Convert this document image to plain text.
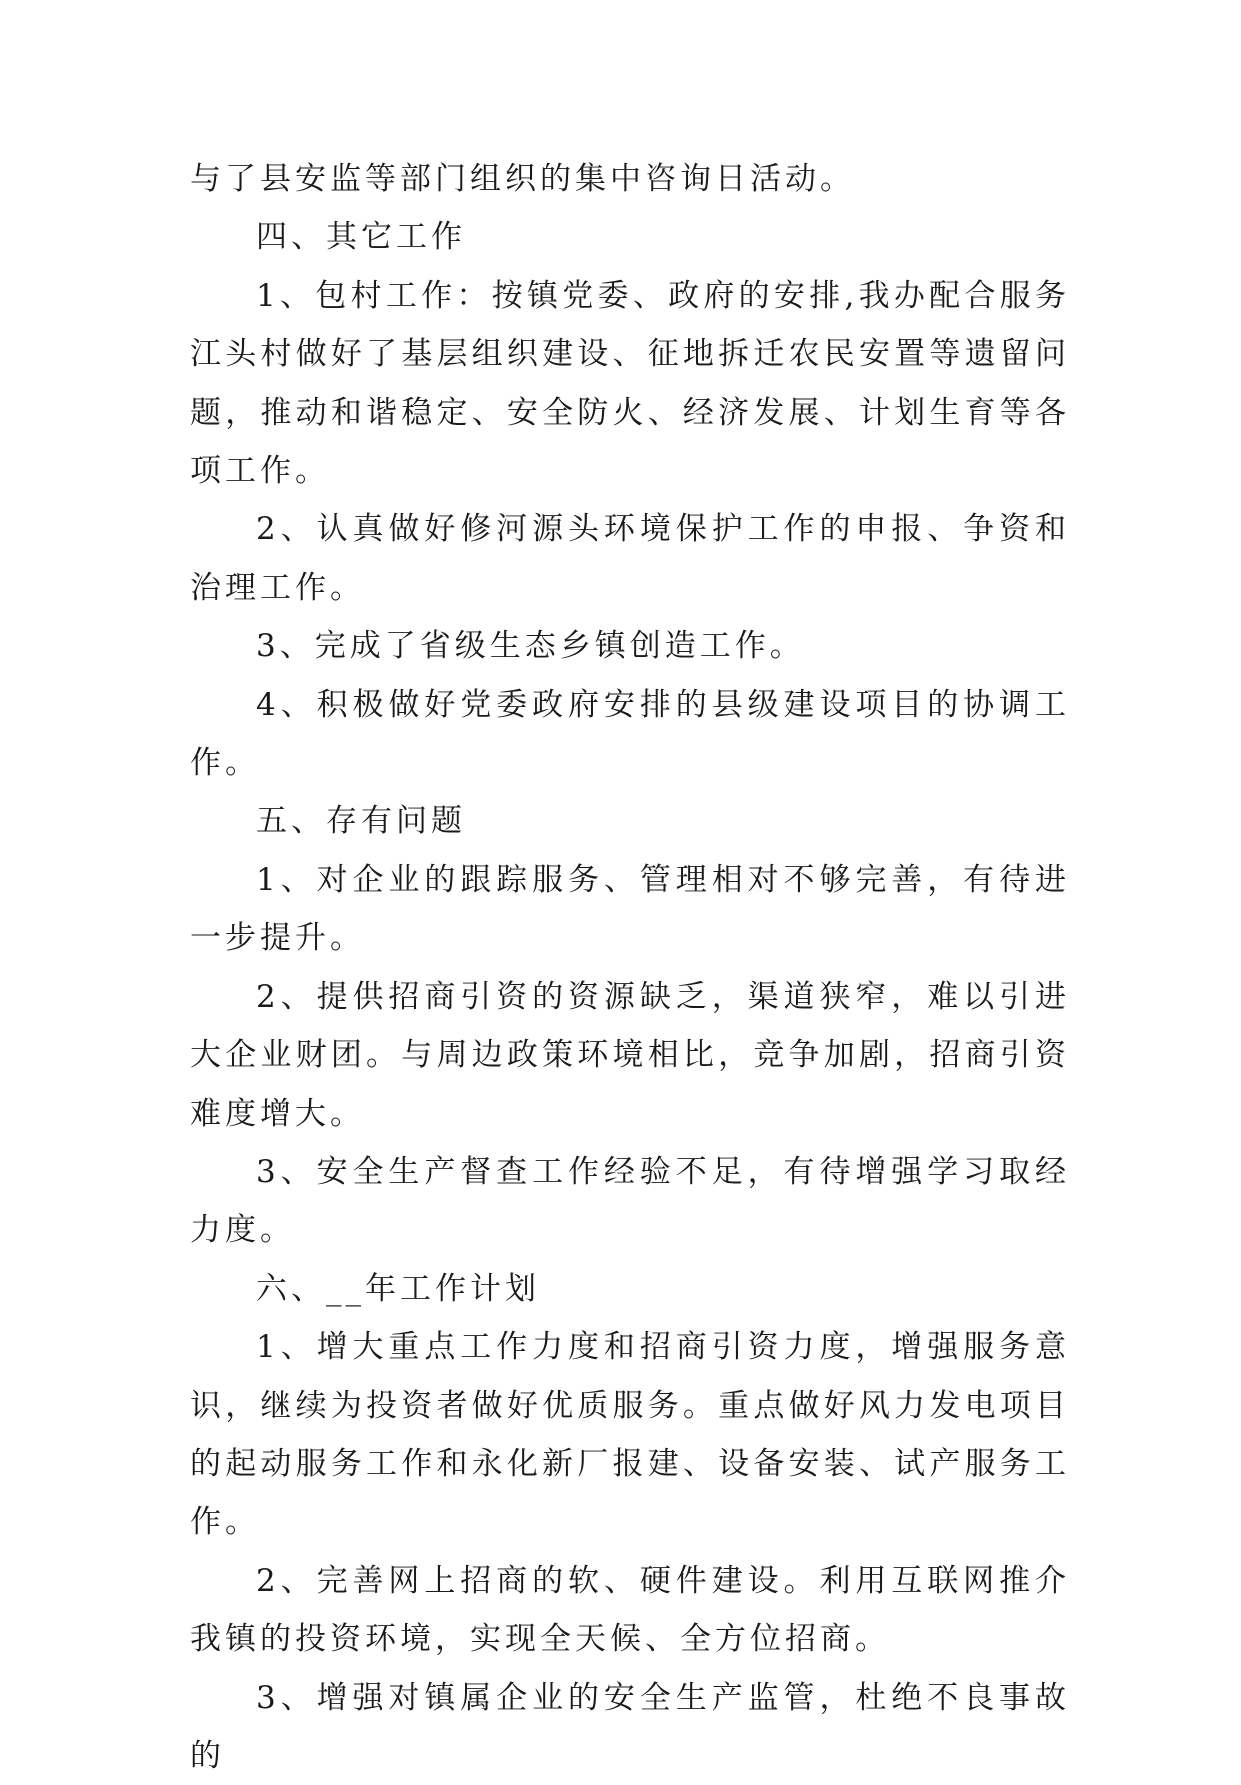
与了县安监等部门组织的集中咨询日活动。

四、其它工作

1、包村工作：按镇党委、政府的安排,我办配合服务江头村做好了基层组织建设、征地拆迁农民安置等遗留问题，推动和谐稳定、安全防火、经济发展、计划生育等各项工作。

2、认真做好修河源头环境保护工作的申报、争资和治理工作。

3、完成了省级生态乡镇创造工作。

4、积极做好党委政府安排的县级建设项目的协调工作。

五、存有问题

1、对企业的跟踪服务、管理相对不够完善，有待进一步提升。

2、提供招商引资的资源缺乏，渠道狭窄，难以引进大企业财团。与周边政策环境相比，竞争加剧，招商引资难度增大。

3、安全生产督查工作经验不足，有待增强学习取经力度。

六、__年工作计划

1、增大重点工作力度和招商引资力度，增强服务意识，继续为投资者做好优质服务。重点做好风力发电项目的起动服务工作和永化新厂报建、设备安装、试产服务工作。

2、完善网上招商的软、硬件建设。利用互联网推介我镇的投资环境，实现全天候、全方位招商。

3、增强对镇属企业的安全生产监管，杜绝不良事故的
